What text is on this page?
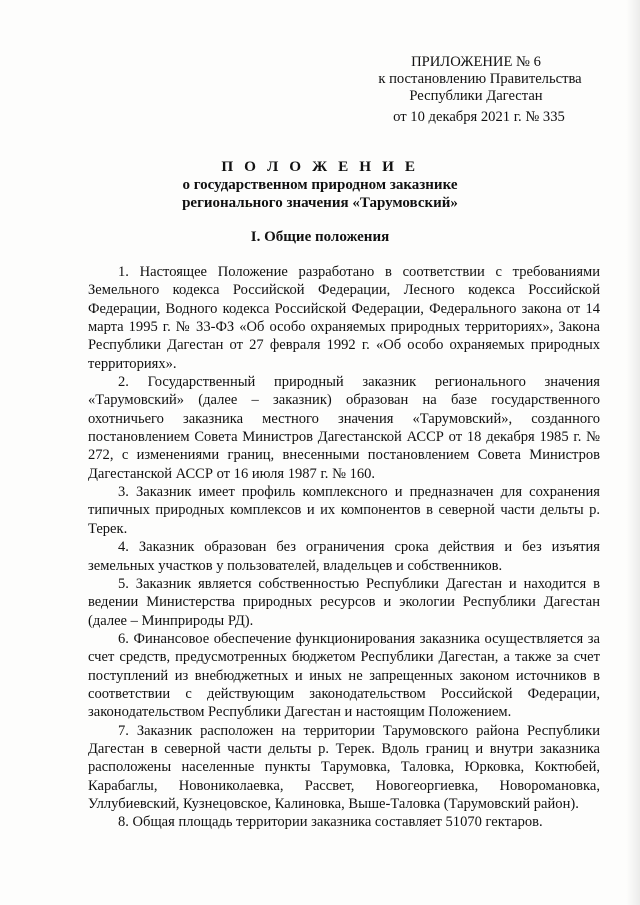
ПРИЛОЖЕНИЕ № 6
к постановлению Правительства
Республики Дагестан
от 10 декабря 2021 г. № 335
П О Л О Ж Е Н И Е
о государственном природном заказнике
регионального значения «Тарумовский»
I. Общие положения

1. Настоящее Положение разработано в соответствии с требованиями Земельного кодекса Российской Федерации, Лесного кодекса Российской Федерации, Водного кодекса Российской Федерации, Федерального закона от 14 марта 1995 г. № 33-ФЗ «Об особо охраняемых природных территориях», Закона Республики Дагестан от 27 февраля 1992 г. «Об особо охраняемых природных территориях».

2. Государственный природный заказник регионального значения «Тарумовский» (далее – заказник) образован на базе государственного охотничьего заказника местного значения «Тарумовский», созданного постановлением Совета Министров Дагестанской АССР от 18 декабря 1985 г. № 272, с изменениями границ, внесенными постановлением Совета Министров Дагестанской АССР от 16 июля 1987 г. № 160.

3. Заказник имеет профиль комплексного и предназначен для сохранения типичных природных комплексов и их компонентов в северной части дельты р. Терек.

4. Заказник образован без ограничения срока действия и без изъятия земельных участков у пользователей, владельцев и собственников.

5. Заказник является собственностью Республики Дагестан и находится в ведении Министерства природных ресурсов и экологии Республики Дагестан (далее – Минприроды РД).

6. Финансовое обеспечение функционирования заказника осуществляется за счет средств, предусмотренных бюджетом Республики Дагестан, а также за счет поступлений из внебюджетных и иных не запрещенных законом источников в соответствии с действующим законодательством Российской Федерации, законодательством Республики Дагестан и настоящим Положением.

7. Заказник расположен на территории Тарумовского района Республики Дагестан в северной части дельты р. Терек. Вдоль границ и внутри заказника расположены населенные пункты Тарумовка, Таловка, Юрковка, Коктюбей, Карабаглы, Новониколаевка, Рассвет, Новогеоргиевка, Новоромановка, Уллубиевский, Кузнецовское, Калиновка, Выше-Таловка (Тарумовский район).

8. Общая площадь территории заказника составляет 51070 гектаров.
